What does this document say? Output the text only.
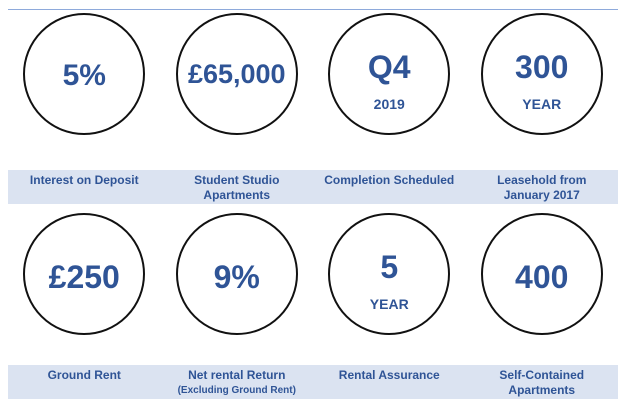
5%	£65,000	Q4
2019
300
YEAR
Interest on Deposit	Student Studio
Apartments
Completion Scheduled	Leasehold from
January 2017
£250	9%	5
YEAR
400
Ground Rent	Net rental Return
(Excluding Ground Rent)
Rental Assurance	Self-Contained
Apartments
